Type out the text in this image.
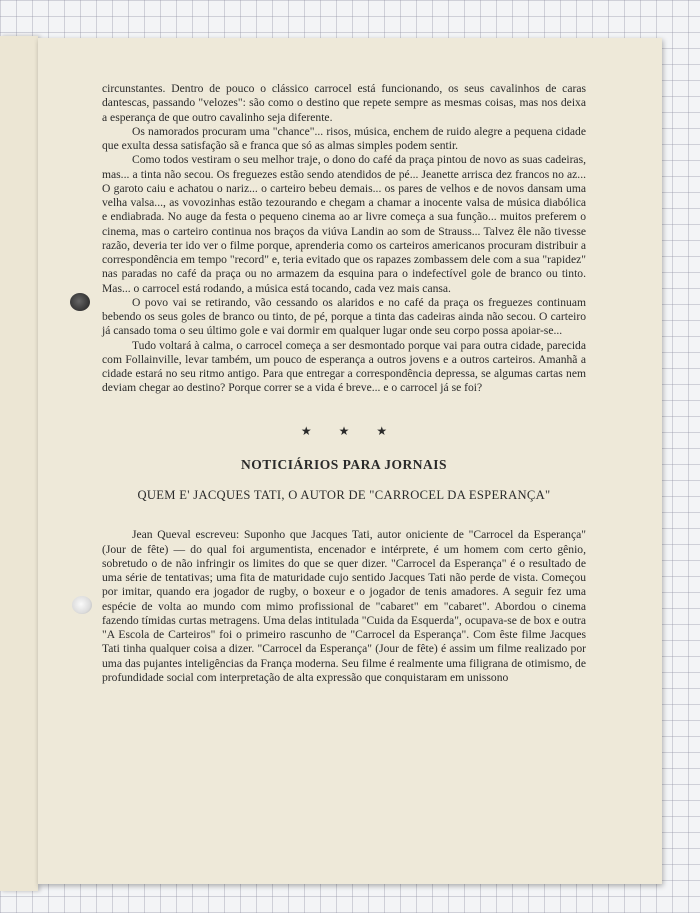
circunstantes. Dentro de pouco o clássico carrocel está funcionando, os seus cavalinhos de caras dantescas, passando "velozes": são como o destino que repete sempre as mesmas coisas, mas nos deixa a esperança de que outro cavalinho seja diferente.

Os namorados procuram uma "chance"... risos, música, enchem de ruido alegre a pequena cidade que exulta dessa satisfação sã e franca que só as almas simples podem sentir.

Como todos vestiram o seu melhor traje, o dono do café da praça pintou de novo as suas cadeiras, mas... a tinta não secou. Os freguezes estão sendo atendidos de pé... Jeanette arrisca dez francos no az... O garoto caiu e achatou o nariz... o carteiro bebeu demais... os pares de velhos e de novos dansam uma velha valsa..., as vovozinhas estão tezourando e chegam a chamar a inocente valsa de música diabólica e endiabrada. No auge da festa o pequeno cinema ao ar livre começa a sua função... muitos preferem o cinema, mas o carteiro continua nos braços da viúva Landin ao som de Strauss... Talvez êle não tivesse razão, deveria ter ido ver o filme porque, aprenderia como os carteiros americanos procuram distribuir a correspondência em tempo "record" e, teria evitado que os rapazes zombassem dele com a sua "rapidez" nas paradas no café da praça ou no armazem da esquina para o indefectível gole de branco ou tinto. Mas... o carrocel está rodando, a música está tocando, cada vez mais cansa.

O povo vai se retirando, vão cessando os alaridos e no café da praça os freguezes continuam bebendo os seus goles de branco ou tinto, de pé, porque a tinta das cadeiras ainda não secou. O carteiro já cansado toma o seu último gole e vai dormir em qualquer lugar onde seu corpo possa apoiar-se...

Tudo voltará à calma, o carrocel começa a ser desmontado porque vai para outra cidade, parecida com Follainville, levar também, um pouco de esperança a outros jovens e a outros carteiros. Amanhã a cidade estará no seu ritmo antigo. Para que entregar a correspondência depressa, se algumas cartas nem deviam chegar ao destino? Porque correr se a vida é breve... e o carrocel já se foi?

★ ★ ★
NOTICIÁRIOS PARA JORNAIS
QUEM E' JACQUES TATI, O AUTOR DE "CARROCEL DA ESPERANÇA"

Jean Queval escreveu: Suponho que Jacques Tati, autor oniciente de "Carrocel da Esperança" (Jour de fête) — do qual foi argumentista, encenador e intérprete, é um homem com certo gênio, sobretudo o de não infringir os limites do que se quer dizer. "Carrocel da Esperança" é o resultado de uma série de tentativas; uma fita de maturidade cujo sentido Jacques Tati não perde de vista. Começou por imitar, quando era jogador de rugby, o boxeur e o jogador de tenis amadores. A seguir fez uma espécie de volta ao mundo com mimo profissional de "cabaret" em "cabaret". Abordou o cinema fazendo tímidas curtas metragens. Uma delas intitulada "Cuida da Esquerda", ocupava-se de box e outra "A Escola de Carteiros" foi o primeiro rascunho de "Carrocel da Esperança". Com êste filme Jacques Tati tinha qualquer coisa a dizer. "Carrocel da Esperança" (Jour de fête) é assim um filme realizado por uma das pujantes inteligências da França moderna. Seu filme é realmente uma filigrana de otimismo, de profundidade social com interpretação de alta expressão que conquistaram em unissono
